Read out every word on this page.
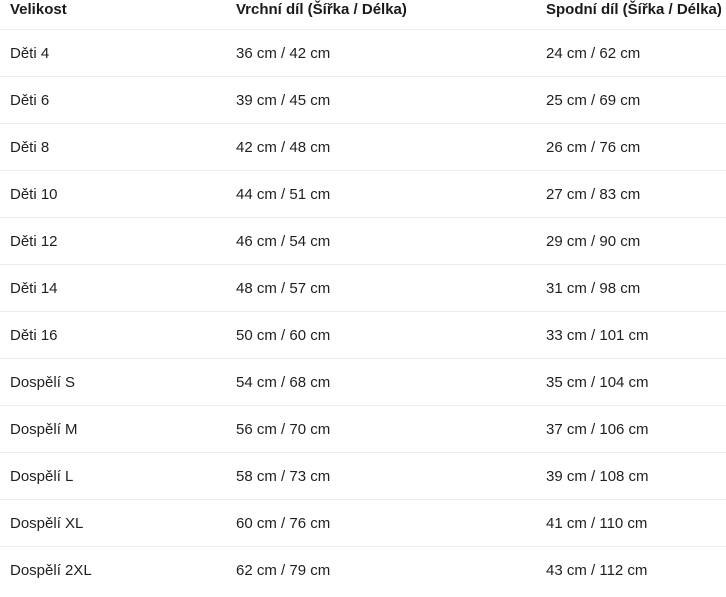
Velikost	Vrchní díl (Šířka / Délka)	Spodní díl (Šířka / Délka)
Děti 4	36 cm / 42 cm	24 cm / 62 cm
Děti 6	39 cm / 45 cm	25 cm / 69 cm
Děti 8	42 cm / 48 cm	26 cm / 76 cm
Děti 10	44 cm / 51 cm	27 cm / 83 cm
Děti 12	46 cm / 54 cm	29 cm / 90 cm
Děti 14	48 cm / 57 cm	31 cm / 98 cm
Děti 16	50 cm / 60 cm	33 cm / 101 cm
Dospělí S	54 cm / 68 cm	35 cm / 104 cm
Dospělí M	56 cm / 70 cm	37 cm / 106 cm
Dospělí L	58 cm / 73 cm	39 cm / 108 cm
Dospělí XL	60 cm / 76 cm	41 cm / 110 cm
Dospělí 2XL	62 cm / 79 cm	43 cm / 112 cm
